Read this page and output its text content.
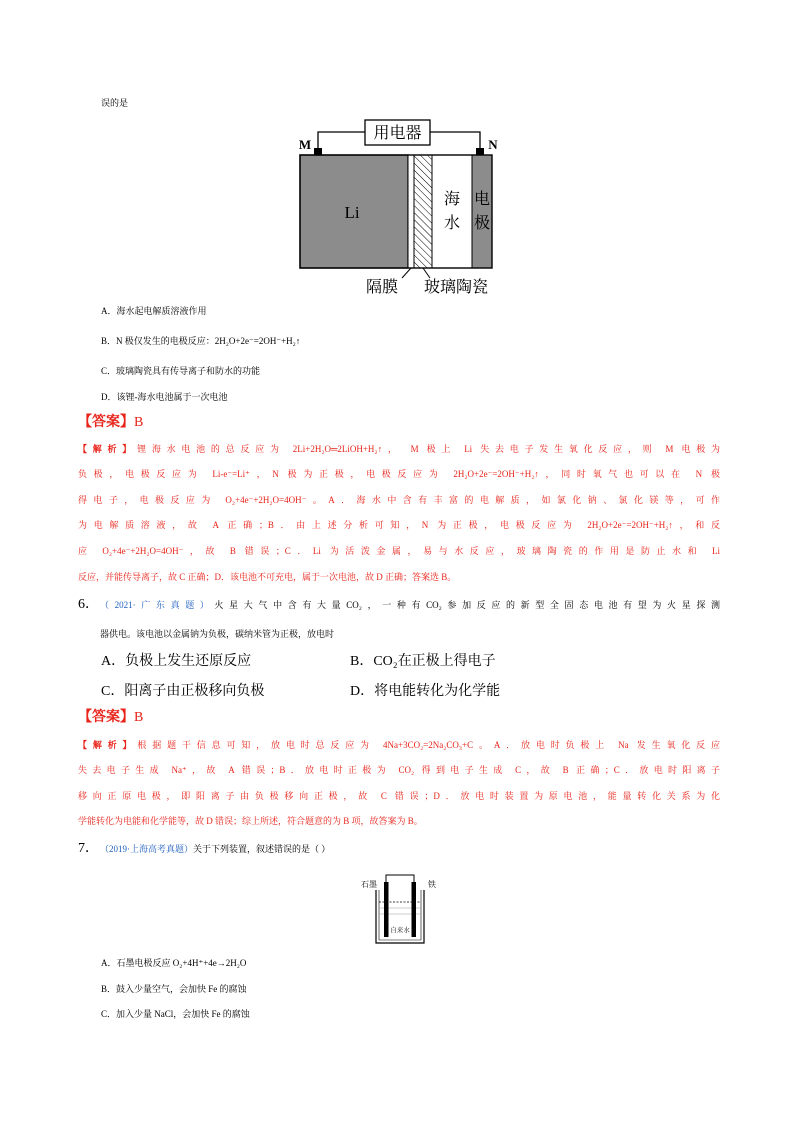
误的是
用电器
M	N
Li
海
水
电
极
隔膜 玻璃陶瓷
A．海水起电解质溶液作用
B．N 极仅发生的电极反应：2H₂O+2e⁻=2OH⁻+H₂↑
C．玻璃陶瓷具有传导离子和防水的功能
D．该锂-海水电池属于一次电池
【答案】B
【解析】锂海水电池的总反应为 2Li+2H₂O═2LiOH+H₂↑， M 极上 Li 失去电子发生氧化反应，则 M 电极为
负极，电极反应为 Li-e⁻=Li⁺，N 极为正极，电极反应为 2H₂O+2e⁻=2OH⁻+H₂↑，同时氧气也可以在 N 极
得电子，电极反应为 O₂+4e⁻+2H₂O=4OH⁻。A．海水中含有丰富的电解质，如氯化钠、氯化镁等，可作
为电解质溶液，故 A 正确；B．由上述分析可知，N 为正极，电极反应为 2H₂O+2e⁻=2OH⁻+H₂↑，和反
应 O₂+4e⁻+2H₂O=4OH⁻，故 B 错误；C．Li 为活泼金属，易与水反应，玻璃陶瓷的作用是防止水和 Li
反应，并能传导离子，故 C 正确；D．该电池不可充电，属于一次电池，故 D 正确；答案选 B。
6． （2021·广东真题）火星大气中含有大量CO₂，一种有CO₂参加反应的新型全固态电池有望为火星探测
器供电。该电池以金属钠为负极，碳纳米管为正极，放电时
A．负极上发生还原反应	B．CO₂在正极上得电子
C．阳离子由正极移向负极	D．将电能转化为化学能
【答案】B
【解析】根据题干信息可知，放电时总反应为 4Na+3CO₂=2Na₂CO₃+C。A．放电时负极上 Na 发生氧化反应
失去电子生成 Na⁺，故 A 错误；B．放电时正极为 CO₂ 得到电子生成 C，故 B 正确；C．放电时阳离子
移向正原电极，即阳离子由负极移向正极，故 C 错误；D．放电时装置为原电池，能量转化关系为化
学能转化为电能和化学能等，故 D 错误；综上所述，符合题意的为 B 项，故答案为 B。
7． （2019·上海高考真题）关于下列装置，叙述错误的是（ ）
石墨	铁
自来水
A．石墨电极反应 O₂+4H⁺+4e→2H₂O
B．鼓入少量空气，会加快 Fe 的腐蚀
C．加入少量 NaCl，会加快 Fe 的腐蚀
